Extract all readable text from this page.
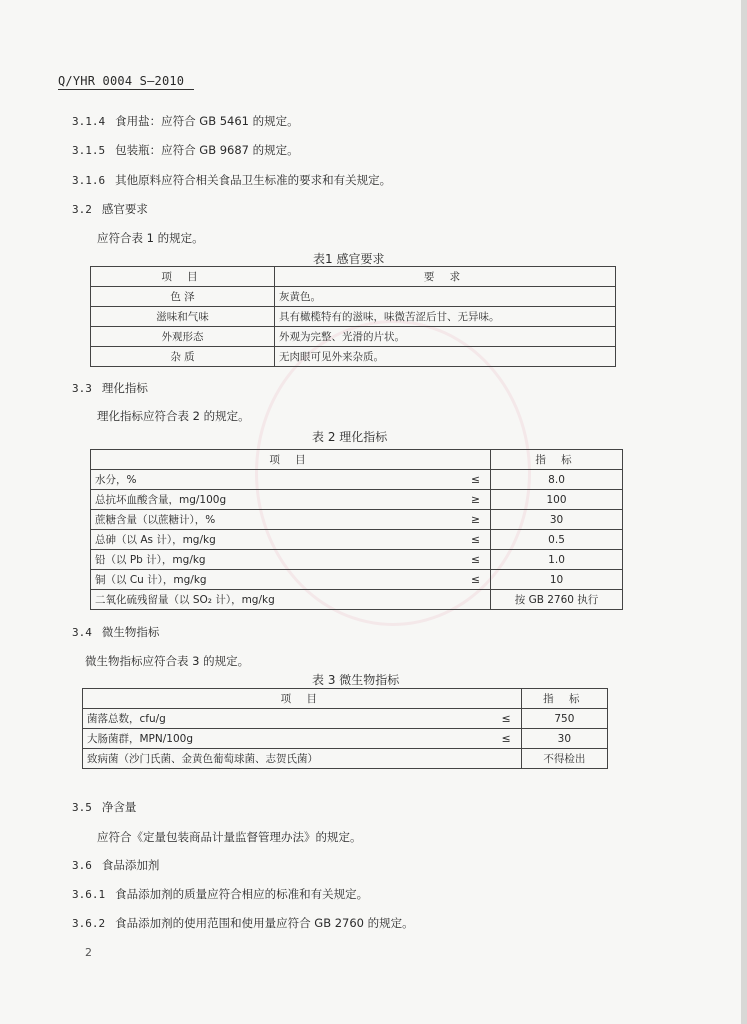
Q/YHR 0004 S—2010
3.1.4 食用盐：应符合 GB 5461 的规定。
3.1.5 包装瓶：应符合 GB 9687 的规定。
3.1.6 其他原料应符合相关食品卫生标准的要求和有关规定。
3.2 感官要求
应符合表 1 的规定。
表1 感官要求
项 目	要 求
色 泽	灰黄色。
滋味和气味	具有橄榄特有的滋味，味微苦涩后甘、无异味。
外观形态	外观为完整、光滑的片状。
杂 质	无肉眼可见外来杂质。
3.3 理化指标
理化指标应符合表 2 的规定。
表 2 理化指标
项 目		指 标
水分，%	≤	8.0
总抗坏血酸含量，mg/100g	≥	100
蔗糖含量（以蔗糖计），%	≥	30
总砷（以 As 计），mg/kg	≤	0.5
铅（以 Pb 计），mg/kg	≤	1.0
铜（以 Cu 计），mg/kg	≤	10
二氧化硫残留量（以 SO₂ 计），mg/kg		按 GB 2760 执行
3.4 微生物指标
微生物指标应符合表 3 的规定。
表 3 微生物指标
项 目		指 标
菌落总数，cfu/g	≤	750
大肠菌群，MPN/100g	≤	30
致病菌（沙门氏菌、金黄色葡萄球菌、志贺氏菌）		不得检出
3.5 净含量
应符合《定量包装商品计量监督管理办法》的规定。
3.6 食品添加剂
3.6.1 食品添加剂的质量应符合相应的标准和有关规定。
3.6.2 食品添加剂的使用范围和使用量应符合 GB 2760 的规定。
2
